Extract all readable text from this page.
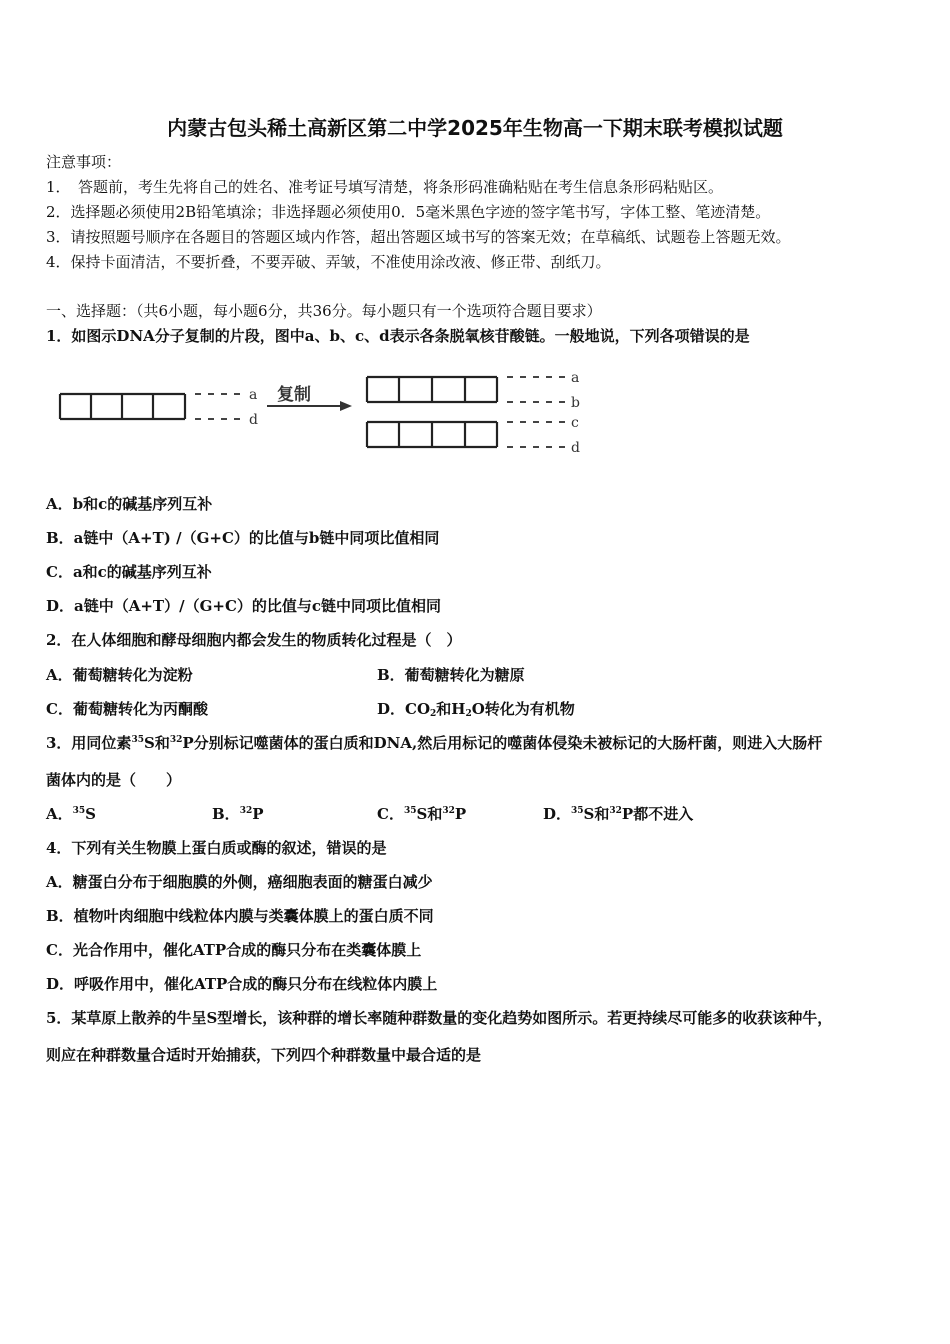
内蒙古包头稀土高新区第二中学2025年生物高一下期末联考模拟试题
注意事项：
1．　答题前，考生先将自己的姓名、准考证号填写清楚，将条形码准确粘贴在考生信息条形码粘贴区。
2．选择题必须使用2B铅笔填涂；非选择题必须使用0．5毫米黑色字迹的签字笔书写，字体工整、笔迹清楚。
3．请按照题号顺序在各题目的答题区域内作答，超出答题区域书写的答案无效；在草稿纸、试题卷上答题无效。
4．保持卡面清洁，不要折叠，不要弄破、弄皱，不准使用涂改液、修正带、刮纸刀。
一、选择题：（共6小题，每小题6分，共36分。每小题只有一个选项符合题目要求）
1．如图示DNA分子复制的片段，图中a、b、c、d表示各条脱氧核苷酸链。一般地说，下列各项错误的是
a
d
复制
a
b
c
d
A．b和c的碱基序列互补
B．a链中（A+T) /（G+C）的比值与b链中同项比值相同
C．a和c的碱基序列互补
D．a链中（A+T）/（G+C）的比值与c链中同项比值相同
2．在人体细胞和酵母细胞内都会发生的物质转化过程是（　）
A．葡萄糖转化为淀粉	B．葡萄糖转化为糖原
C．葡萄糖转化为丙酮酸	D．$CO_2$和$H_2O$转化为有机物
3．用同位素$^{35}$S和$^{32}$P分别标记噬菌体的蛋白质和DNA,然后用标记的噬菌体侵染未被标记的大肠杆菌，则进入大肠杆
菌体内的是（　　）
A．$^{35}$S	B．$^{32}$P	C．$^{35}$S和$^{32}$P	D．$^{35}$S和$^{32}$P都不进入
4．下列有关生物膜上蛋白质或酶的叙述，错误的是
A．糖蛋白分布于细胞膜的外侧，癌细胞表面的糖蛋白减少
B．植物叶肉细胞中线粒体内膜与类囊体膜上的蛋白质不同
C．光合作用中，催化ATP合成的酶只分布在类囊体膜上
D．呼吸作用中，催化ATP合成的酶只分布在线粒体内膜上
5．某草原上散养的牛呈S型增长，该种群的增长率随种群数量的变化趋势如图所示。若更持续尽可能多的收获该种牛，
则应在种群数量合适时开始捕获，下列四个种群数量中最合适的是
